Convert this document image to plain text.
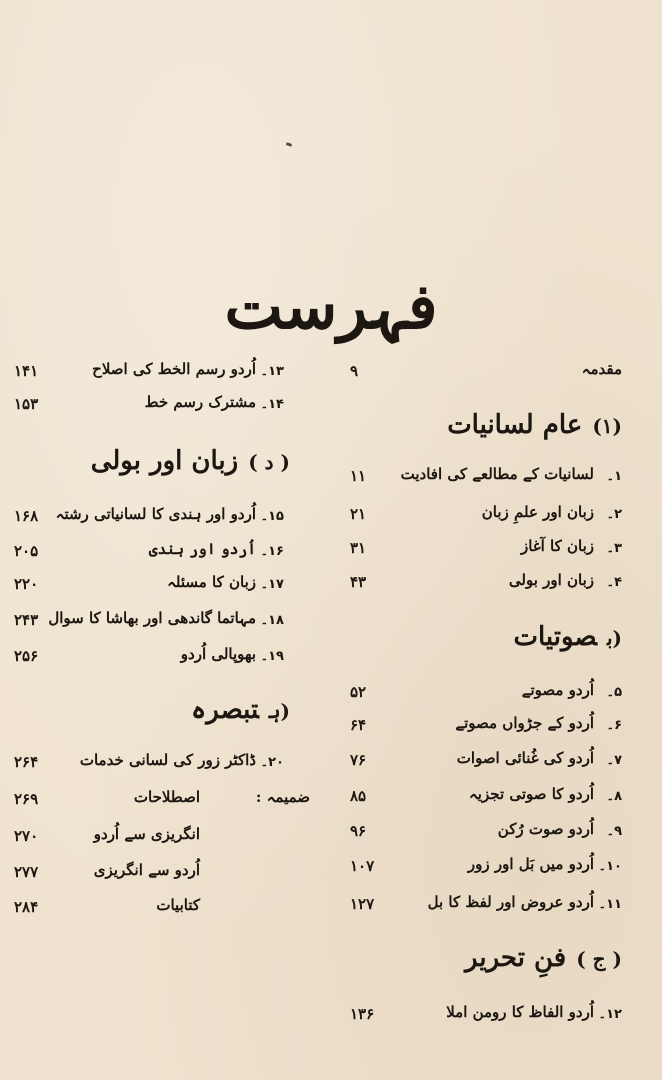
فہرست
مقدمہ
۹
(۱)عام لسانیات
۱۔
لسانیات کے مطالعے کی افادیت
۱۱
۲۔
زبان اور علمِ زبان
۲۱
۳۔
زبان کا آغاز
۳۱
۴۔
زبان اور بولی
۴۳
(بصوتیات
۵۔
اُردو مصوتے
۵۲
۶۔
اُردو کے جڑواں مصوتے
۶۴
۷۔
اُردو کی غُنائی اصوات
۷۶
۸۔
اُردو کا صوتی تجزیہ
۸۵
۹۔
اُردو صوت رُکن
۹۶
۱۰۔
اُردو میں بَل اور زور
۱۰۷
۱۱۔
اُردو عروض اور لفظ کا بل
۱۲۷
( ج )فنِ تحریر
۱۲۔
اُردو الفاظ کا رومن املا
۱۳۶
۱۳۔
اُردو رسم الخط کی اصلاح
۱۴۱
۱۴۔
مشترک رسم خط
۱۵۳
( د )زبان اور بولی
۱۵۔
اُردو اور ہندی کا لسانیاتی رشتہ
۱۶۸
۱۶۔
اُردو اور ہندی
۲۰۵
۱۷۔
زبان کا مسئلہ
۲۲۰
۱۸۔
مہاتما گاندھی اور بھاشا کا سوال
۲۴۳
۱۹۔
بھوپالی اُردو
۲۵۶
(ہتبصرہ
۲۰۔
ڈاکٹر زور کی لسانی خدمات
۲۶۴
ضمیمہ :
اصطلاحات
۲۶۹
انگریزی سے اُردو
۲۷۰
اُردو سے انگریزی
۲۷۷
کتابیات
۲۸۴
